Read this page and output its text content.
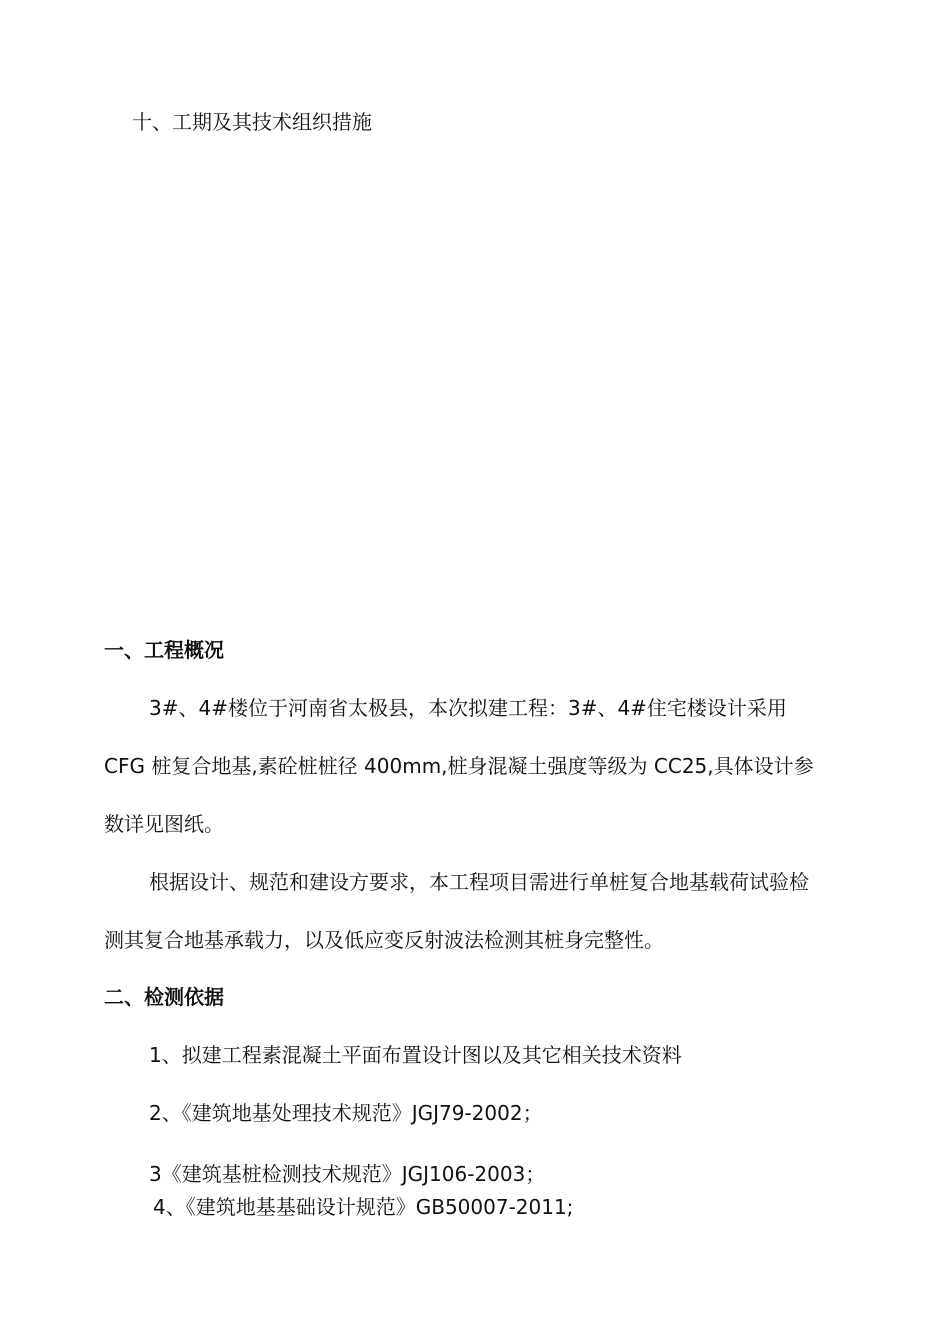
十、工期及其技术组织措施
一、工程概况
3#、4#楼位于河南省太极县，本次拟建工程：3#、4#住宅楼设计采用
CFG 桩复合地基,素砼桩桩径 400mm,桩身混凝土强度等级为 CC25,具体设计参
数详见图纸。
根据设计、规范和建设方要求，本工程项目需进行单桩复合地基载荷试验检
测其复合地基承载力，以及低应变反射波法检测其桩身完整性。
二、检测依据
1、拟建工程素混凝土平面布置设计图以及其它相关技术资料
2、《建筑地基处理技术规范》JGJ79-2002；
3《建筑基桩检测技术规范》JGJ106-2003；
4、《建筑地基基础设计规范》GB50007-2011;
